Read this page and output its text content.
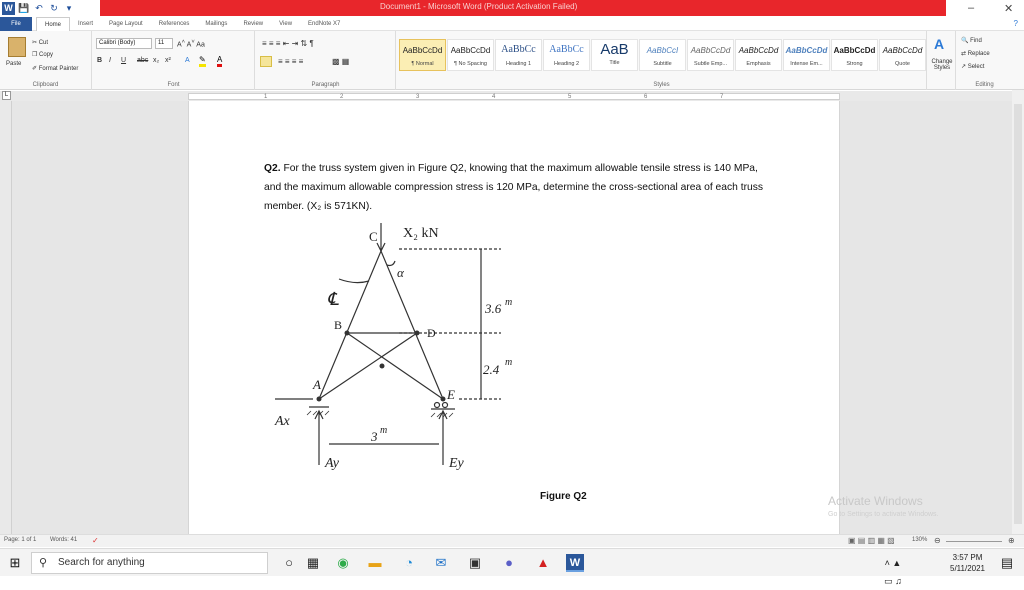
W 💾 ↶ ↻ ▾	Document1 - Microsoft Word (Product Activation Failed)	–	✕
File	Home	Insert	Page Layout	References	Mailings	Review	View	EndNote X7	?
Paste
✂ Cut
❐ Copy
✐ Format Painter
Clipboard
Calibri (Body)	11	A˄ A˅ Aa
B I U abc x₂ x² A ✎ A
Font
≡ ≡ ≡ ⇤ ⇥ ⇅ ¶
≡ ≡ ≡ ≡	▩ ▦
Paragraph
AaBbCcDd
¶ Normal
AaBbCcDd
¶ No Spacing
AaBbCc
Heading 1
AaBbCc
Heading 2
AaB
Title
AaBbCcI
Subtitle
AaBbCcDd
Subtle Emp...
AaBbCcDd
Emphasis
AaBbCcDd
Intense Em...
AaBbCcDd
Strong
AaBbCcDd
Quote
Styles
A
Change Styles
🔍 Find
⇄ Replace
↗ Select
Editing
L	1	2	3	4	5	6	7
Q2. For the truss system given in Figure Q2, knowing that the maximum allowable tensile stress is 140 MPa, and the maximum allowable compression stress is 120 MPa, determine the cross-sectional area of each truss member. (X₂ is 571KN).
C X₂ kN
α
℄
B
D
A
E
3.6 m
2.4 m
3 m
Ax
Ay	Ey
Figure Q2	Activate Windows
Go to Settings to activate Windows.
Page: 1 of 1 Words: 41 ✓	▣ ▤ ▥ ▦ ▧	130% ⊖	⊕
⊞	⚲ Search for anything	○	▦ ◉ ▬	◔	✉ ▣	●	▲	W	˄ ▲ ▭ ♫
3:57 PM
5/11/2021 ▤
